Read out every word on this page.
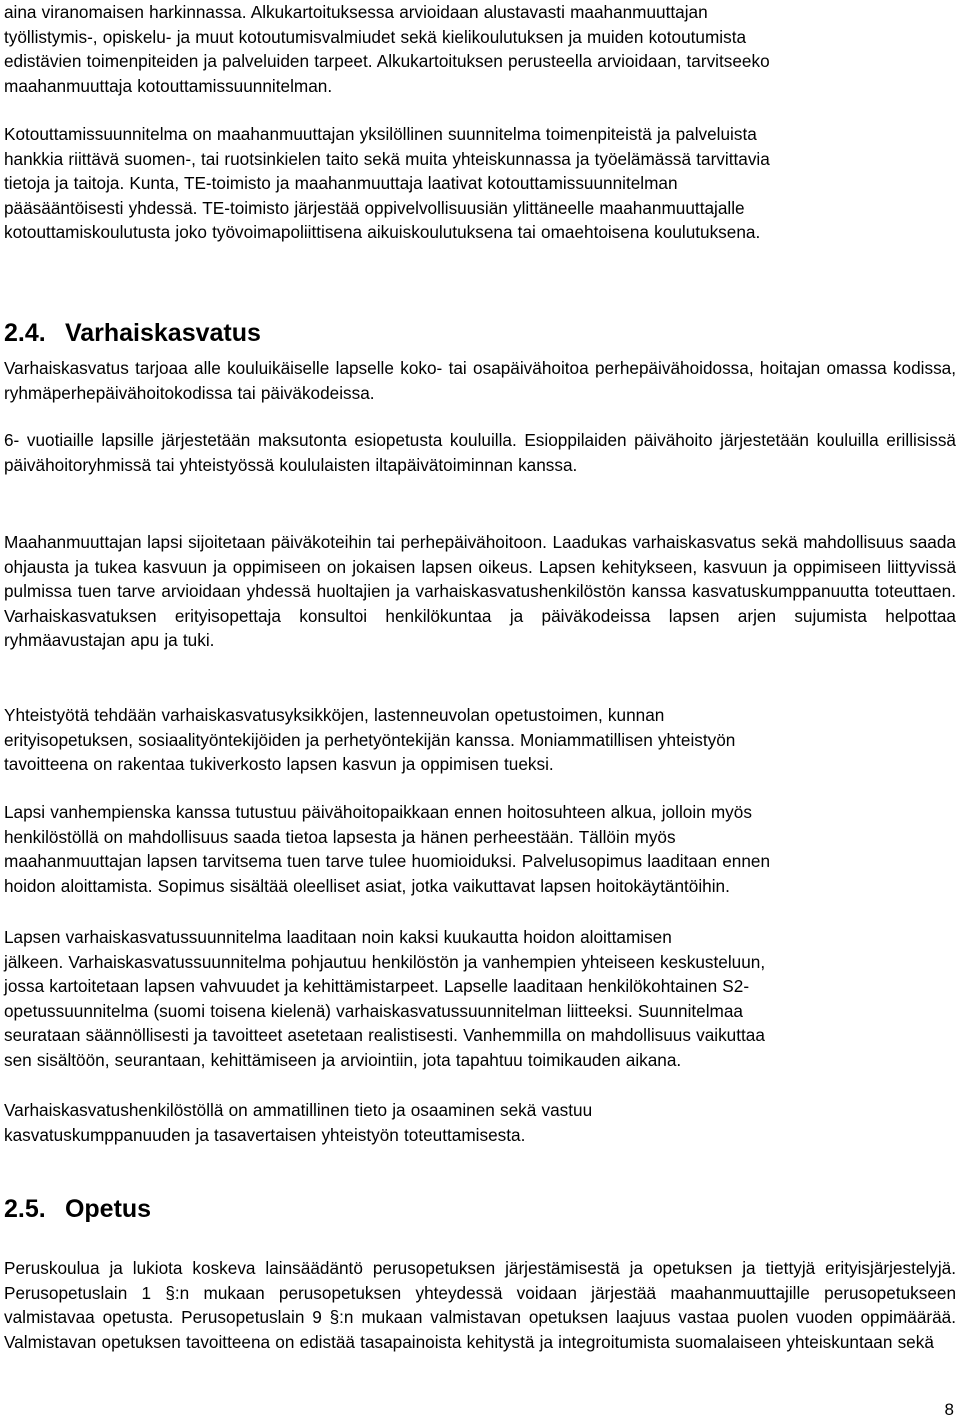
aina viranomaisen harkinnassa. Alkukartoituksessa arvioidaan alustavasti maahanmuuttajan
työllistymis-, opiskelu- ja muut kotoutumisvalmiudet sekä kielikoulutuksen ja muiden kotoutumista
edistävien toimenpiteiden ja palveluiden tarpeet. Alkukartoituksen perusteella arvioidaan, tarvitseeko
maahanmuuttaja kotouttamissuunnitelman.

Kotouttamissuunnitelma on maahanmuuttajan yksilöllinen suunnitelma toimenpiteistä ja palveluista
hankkia riittävä suomen-, tai ruotsinkielen taito sekä muita yhteiskunnassa ja työelämässä tarvittavia
tietoja ja taitoja. Kunta, TE-toimisto ja maahanmuuttaja laativat kotouttamissuunnitelman
pääsääntöisesti yhdessä. TE-toimisto järjestää oppivelvollisuusiän ylittäneelle maahanmuuttajalle
kotouttamiskoulutusta joko työvoimapoliittisena aikuiskoulutuksena tai omaehtoisena koulutuksena.

2.4. Varhaiskasvatus

Varhaiskasvatus tarjoaa alle kouluikäiselle lapselle koko- tai osapäivähoitoa perhepäivähoidossa, hoitajan omassa kodissa, ryhmäperhepäivähoitokodissa tai päiväkodeissa.

6- vuotiaille lapsille järjestetään maksutonta esiopetusta kouluilla. Esioppilaiden päivähoito järjestetään kouluilla erillisissä päivähoitoryhmissä tai yhteistyössä koululaisten iltapäivätoiminnan kanssa.

Maahanmuuttajan lapsi sijoitetaan päiväkoteihin tai perhepäivähoitoon. Laadukas varhaiskasvatus sekä mahdollisuus saada ohjausta ja tukea kasvuun ja oppimiseen on jokaisen lapsen oikeus. Lapsen kehitykseen, kasvuun ja oppimiseen liittyvissä pulmissa tuen tarve arvioidaan yhdessä huoltajien ja varhaiskasvatushenkilöstön kanssa kasvatuskumppanuutta toteuttaen. Varhaiskasvatuksen erityisopettaja konsultoi henkilökuntaa ja päiväkodeissa lapsen arjen sujumista helpottaa ryhmäavustajan apu ja tuki.

Yhteistyötä tehdään varhaiskasvatusyksikköjen, lastenneuvolan opetustoimen, kunnan
erityisopetuksen, sosiaalityöntekijöiden ja perhetyöntekijän kanssa. Moniammatillisen yhteistyön
tavoitteena on rakentaa tukiverkosto lapsen kasvun ja oppimisen tueksi.

Lapsi vanhempienska kanssa tutustuu päivähoitopaikkaan ennen hoitosuhteen alkua, jolloin myös
henkilöstöllä on mahdollisuus saada tietoa lapsesta ja hänen perheestään. Tällöin myös
maahanmuuttajan lapsen tarvitsema tuen tarve tulee huomioiduksi. Palvelusopimus laaditaan ennen
hoidon aloittamista. Sopimus sisältää oleelliset asiat, jotka vaikuttavat lapsen hoitokäytäntöihin.

Lapsen varhaiskasvatussuunnitelma laaditaan noin kaksi kuukautta hoidon aloittamisen
jälkeen. Varhaiskasvatussuunnitelma pohjautuu henkilöstön ja vanhempien yhteiseen keskusteluun,
jossa kartoitetaan lapsen vahvuudet ja kehittämistarpeet. Lapselle laaditaan henkilökohtainen S2-
opetussuunnitelma (suomi toisena kielenä) varhaiskasvatussuunnitelman liitteeksi. Suunnitelmaa
seurataan säännöllisesti ja tavoitteet asetetaan realistisesti. Vanhemmilla on mahdollisuus vaikuttaa
sen sisältöön, seurantaan, kehittämiseen ja arviointiin, jota tapahtuu toimikauden aikana.

Varhaiskasvatushenkilöstöllä on ammatillinen tieto ja osaaminen sekä vastuu
kasvatuskumppanuuden ja tasavertaisen yhteistyön toteuttamisesta.

2.5. Opetus

Peruskoulua ja lukiota koskeva lainsäädäntö perusopetuksen järjestämisestä ja opetuksen ja tiettyjä erityisjärjestelyjä. Perusopetuslain 1 §:n mukaan perusopetuksen yhteydessä voidaan järjestää maahanmuuttajille perusopetukseen valmistavaa opetusta. Perusopetuslain 9 §:n mukaan valmistavan opetuksen laajuus vastaa puolen vuoden oppimäärää. Valmistavan opetuksen tavoitteena on edistää tasapainoista kehitystä ja integroitumista suomalaiseen yhteiskuntaan sekä

8
